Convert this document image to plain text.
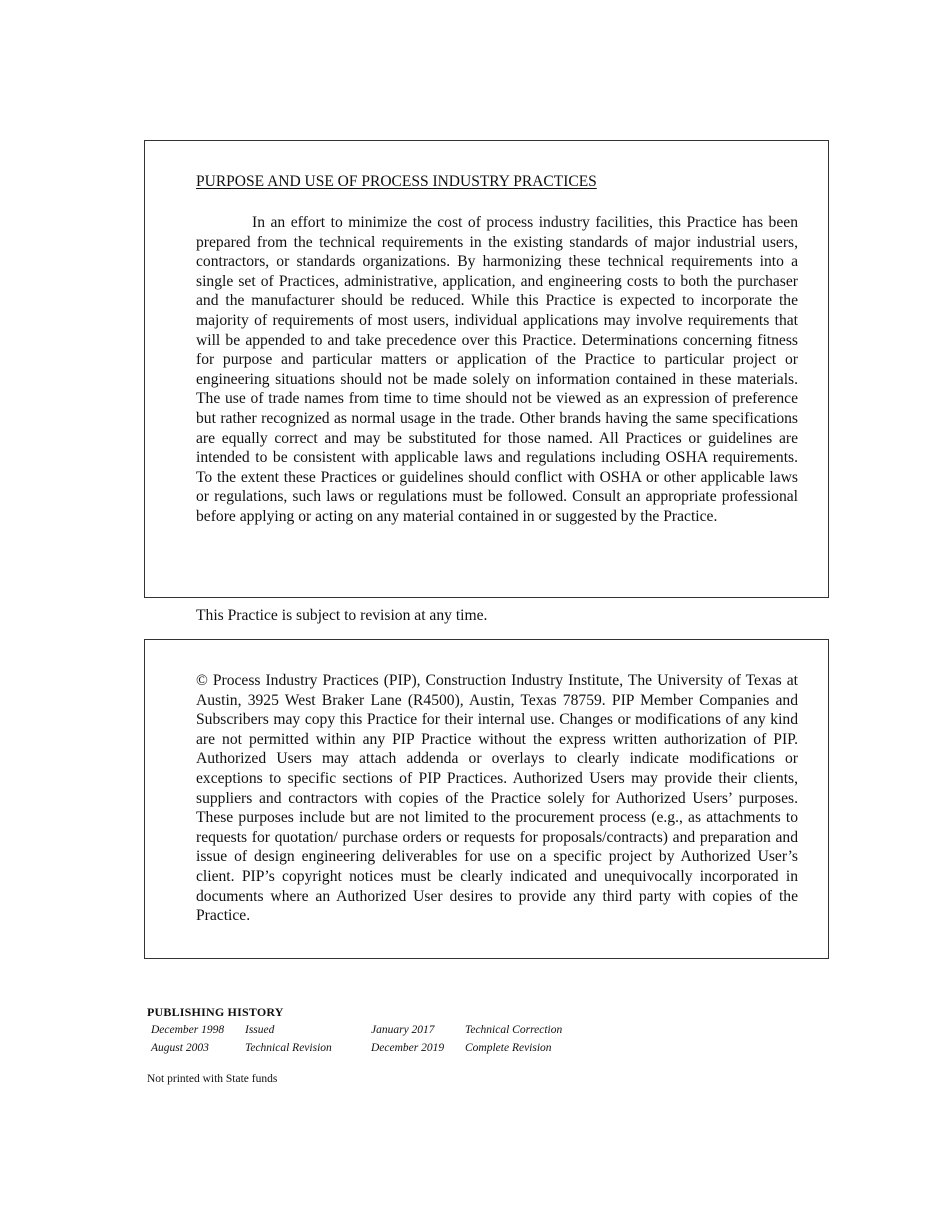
PURPOSE AND USE OF PROCESS INDUSTRY PRACTICES

In an effort to minimize the cost of process industry facilities, this Practice has been prepared from the technical requirements in the existing standards of major industrial users, contractors, or standards organizations. By harmonizing these technical requirements into a single set of Practices, administrative, application, and engineering costs to both the purchaser and the manufacturer should be reduced. While this Practice is expected to incorporate the majority of requirements of most users, individual applications may involve requirements that will be appended to and take precedence over this Practice. Determinations concerning fitness for purpose and particular matters or application of the Practice to particular project or engineering situations should not be made solely on information contained in these materials. The use of trade names from time to time should not be viewed as an expression of preference but rather recognized as normal usage in the trade. Other brands having the same specifications are equally correct and may be substituted for those named. All Practices or guidelines are intended to be consistent with applicable laws and regulations including OSHA requirements. To the extent these Practices or guidelines should conflict with OSHA or other applicable laws or regulations, such laws or regulations must be followed. Consult an appropriate professional before applying or acting on any material contained in or suggested by the Practice.

This Practice is subject to revision at any time.

© Process Industry Practices (PIP), Construction Industry Institute, The University of Texas at Austin, 3925 West Braker Lane (R4500), Austin, Texas 78759. PIP Member Companies and Subscribers may copy this Practice for their internal use. Changes or modifications of any kind are not permitted within any PIP Practice without the express written authorization of PIP. Authorized Users may attach addenda or overlays to clearly indicate modifications or exceptions to specific sections of PIP Practices. Authorized Users may provide their clients, suppliers and contractors with copies of the Practice solely for Authorized Users’ purposes. These purposes include but are not limited to the procurement process (e.g., as attachments to requests for quotation/ purchase orders or requests for proposals/contracts) and preparation and issue of design engineering deliverables for use on a specific project by Authorized User’s client. PIP’s copyright notices must be clearly indicated and unequivocally incorporated in documents where an Authorized User desires to provide any third party with copies of the Practice.

PUBLISHING HISTORY
December 1998 Issued
August 2003	Technical Revision
January 2017	Technical Correction
December 2019 Complete Revision
Not printed with State funds
